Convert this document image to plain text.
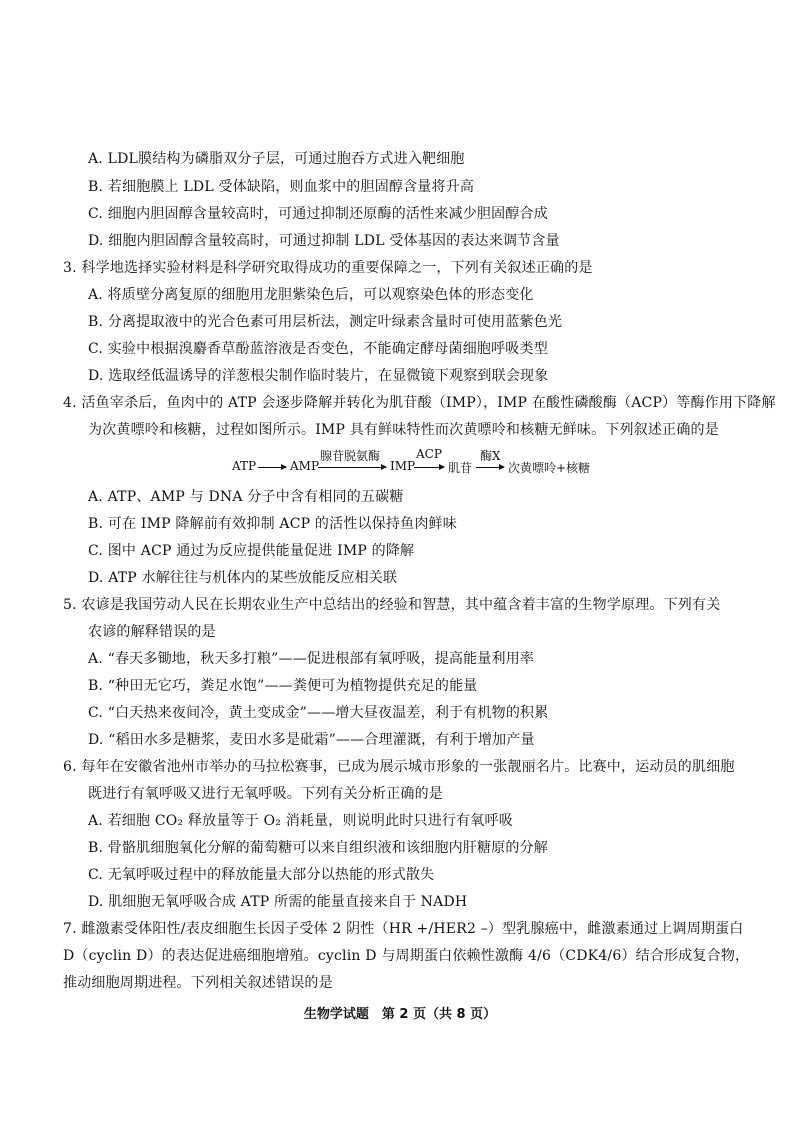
A. LDL膜结构为磷脂双分子层，可通过胞吞方式进入靶细胞
B. 若细胞膜上 LDL 受体缺陷，则血浆中的胆固醇含量将升高
C. 细胞内胆固醇含量较高时，可通过抑制还原酶的活性来减少胆固醇合成
D. 细胞内胆固醇含量较高时，可通过抑制 LDL 受体基因的表达来调节含量
3. 科学地选择实验材料是科学研究取得成功的重要保障之一，下列有关叙述正确的是
A. 将质壁分离复原的细胞用龙胆紫染色后，可以观察染色体的形态变化
B. 分离提取液中的光合色素可用层析法，测定叶绿素含量时可使用蓝紫色光
C. 实验中根据溴麝香草酚蓝溶液是否变色，不能确定酵母菌细胞呼吸类型
D. 选取经低温诱导的洋葱根尖制作临时装片，在显微镜下观察到联会现象
4. 活鱼宰杀后，鱼肉中的 ATP 会逐步降解并转化为肌苷酸（IMP），IMP 在酸性磷酸酶（ACP）等酶作用下降解
为次黄嘌呤和核糖，过程如图所示。IMP 具有鲜味特性而次黄嘌呤和核糖无鲜味。下列叙述正确的是
A. ATP、AMP 与 DNA 分子中含有相同的五碳糖
B. 可在 IMP 降解前有效抑制 ACP 的活性以保持鱼肉鲜味
C. 图中 ACP 通过为反应提供能量促进 IMP 的降解
D. ATP 水解往往与机体内的某些放能反应相关联
5. 农谚是我国劳动人民在长期农业生产中总结出的经验和智慧，其中蕴含着丰富的生物学原理。下列有关
农谚的解释错误的是
A. “春天多锄地，秋天多打粮”——促进根部有氧呼吸，提高能量利用率
B. “种田无它巧，粪足水饱”——粪便可为植物提供充足的能量
C. “白天热来夜间冷，黄土变成金”——增大昼夜温差，利于有机物的积累
D. “稻田水多是糖浆，麦田水多是砒霜”——合理灌溉，有利于增加产量
6. 每年在安徽省池州市举办的马拉松赛事，已成为展示城市形象的一张靓丽名片。比赛中，运动员的肌细胞
既进行有氧呼吸又进行无氧呼吸。下列有关分析正确的是
A. 若细胞 CO₂ 释放量等于 O₂ 消耗量，则说明此时只进行有氧呼吸
B. 骨骼肌细胞氧化分解的葡萄糖可以来自组织液和该细胞内肝糖原的分解
C. 无氧呼吸过程中的释放能量大部分以热能的形式散失
D. 肌细胞无氧呼吸合成 ATP 所需的能量直接来自于 NADH
7. 雌激素受体阳性/表皮细胞生长因子受体 2 阴性（HR +/HER2 –）型乳腺癌中，雌激素通过上调周期蛋白
D（cyclin D）的表达促进癌细胞增殖。cyclin D 与周期蛋白依赖性激酶 4/6（CDK4/6）结合形成复合物，
推动细胞周期进程。下列相关叙述错误的是
ATP	AMP
腺苷脱氨酶
IMP
ACP
肌苷
酶X
次黄嘌呤+核糖
生物学试题　第 2 页（共 8 页）
